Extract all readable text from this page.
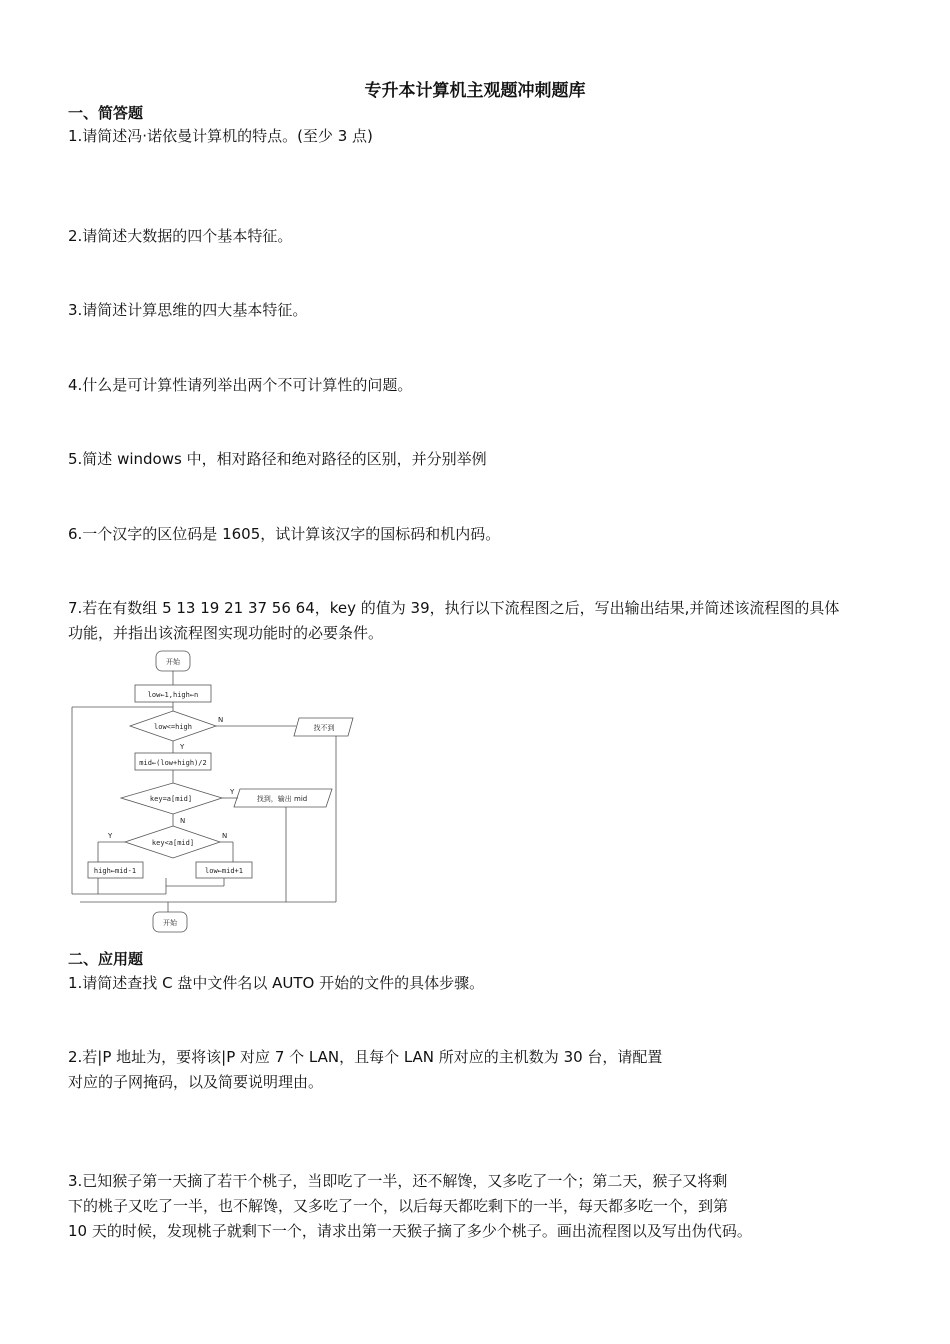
专升本计算机主观题冲刺题库
一、简答题
1.请简述冯·诺依曼计算机的特点。(至少 3 点)
2.请简述大数据的四个基本特征。
3.请简述计算思维的四大基本特征。
4.什么是可计算性请列举出两个不可计算性的问题。
5.简述 windows 中，相对路径和绝对路径的区别，并分别举例
6.一个汉字的区位码是 1605，试计算该汉字的国标码和机内码。
7.若在有数组 5 13 19 21 37 56 64，key 的值为 39，执行以下流程图之后，写出输出结果,并简述该流程图的具体
功能，并指出该流程图实现功能时的必要条件。
开始
low←1,high←n
low<=high
N
找不到
Y
mid←(low+high)/2
key=a[mid]
Y
找到，输出 mid
N
key<a[mid]
Y	N
high←mid-1	low←mid+1
开始
二、应用题
1.请简述查找 C 盘中文件名以 AUTO 开始的文件的具体步骤。
2.若|P 地址为，要将该|P 对应 7 个 LAN，且每个 LAN 所对应的主机数为 30 台，请配置
对应的子网掩码，以及简要说明理由。
3.已知猴子第一天摘了若干个桃子，当即吃了一半，还不解馋，又多吃了一个；第二天，猴子又将剩
下的桃子又吃了一半，也不解馋，又多吃了一个，以后每天都吃剩下的一半，每天都多吃一个，到第
10 天的时候，发现桃子就剩下一个，请求出第一天猴子摘了多少个桃子。画出流程图以及写出伪代码。
